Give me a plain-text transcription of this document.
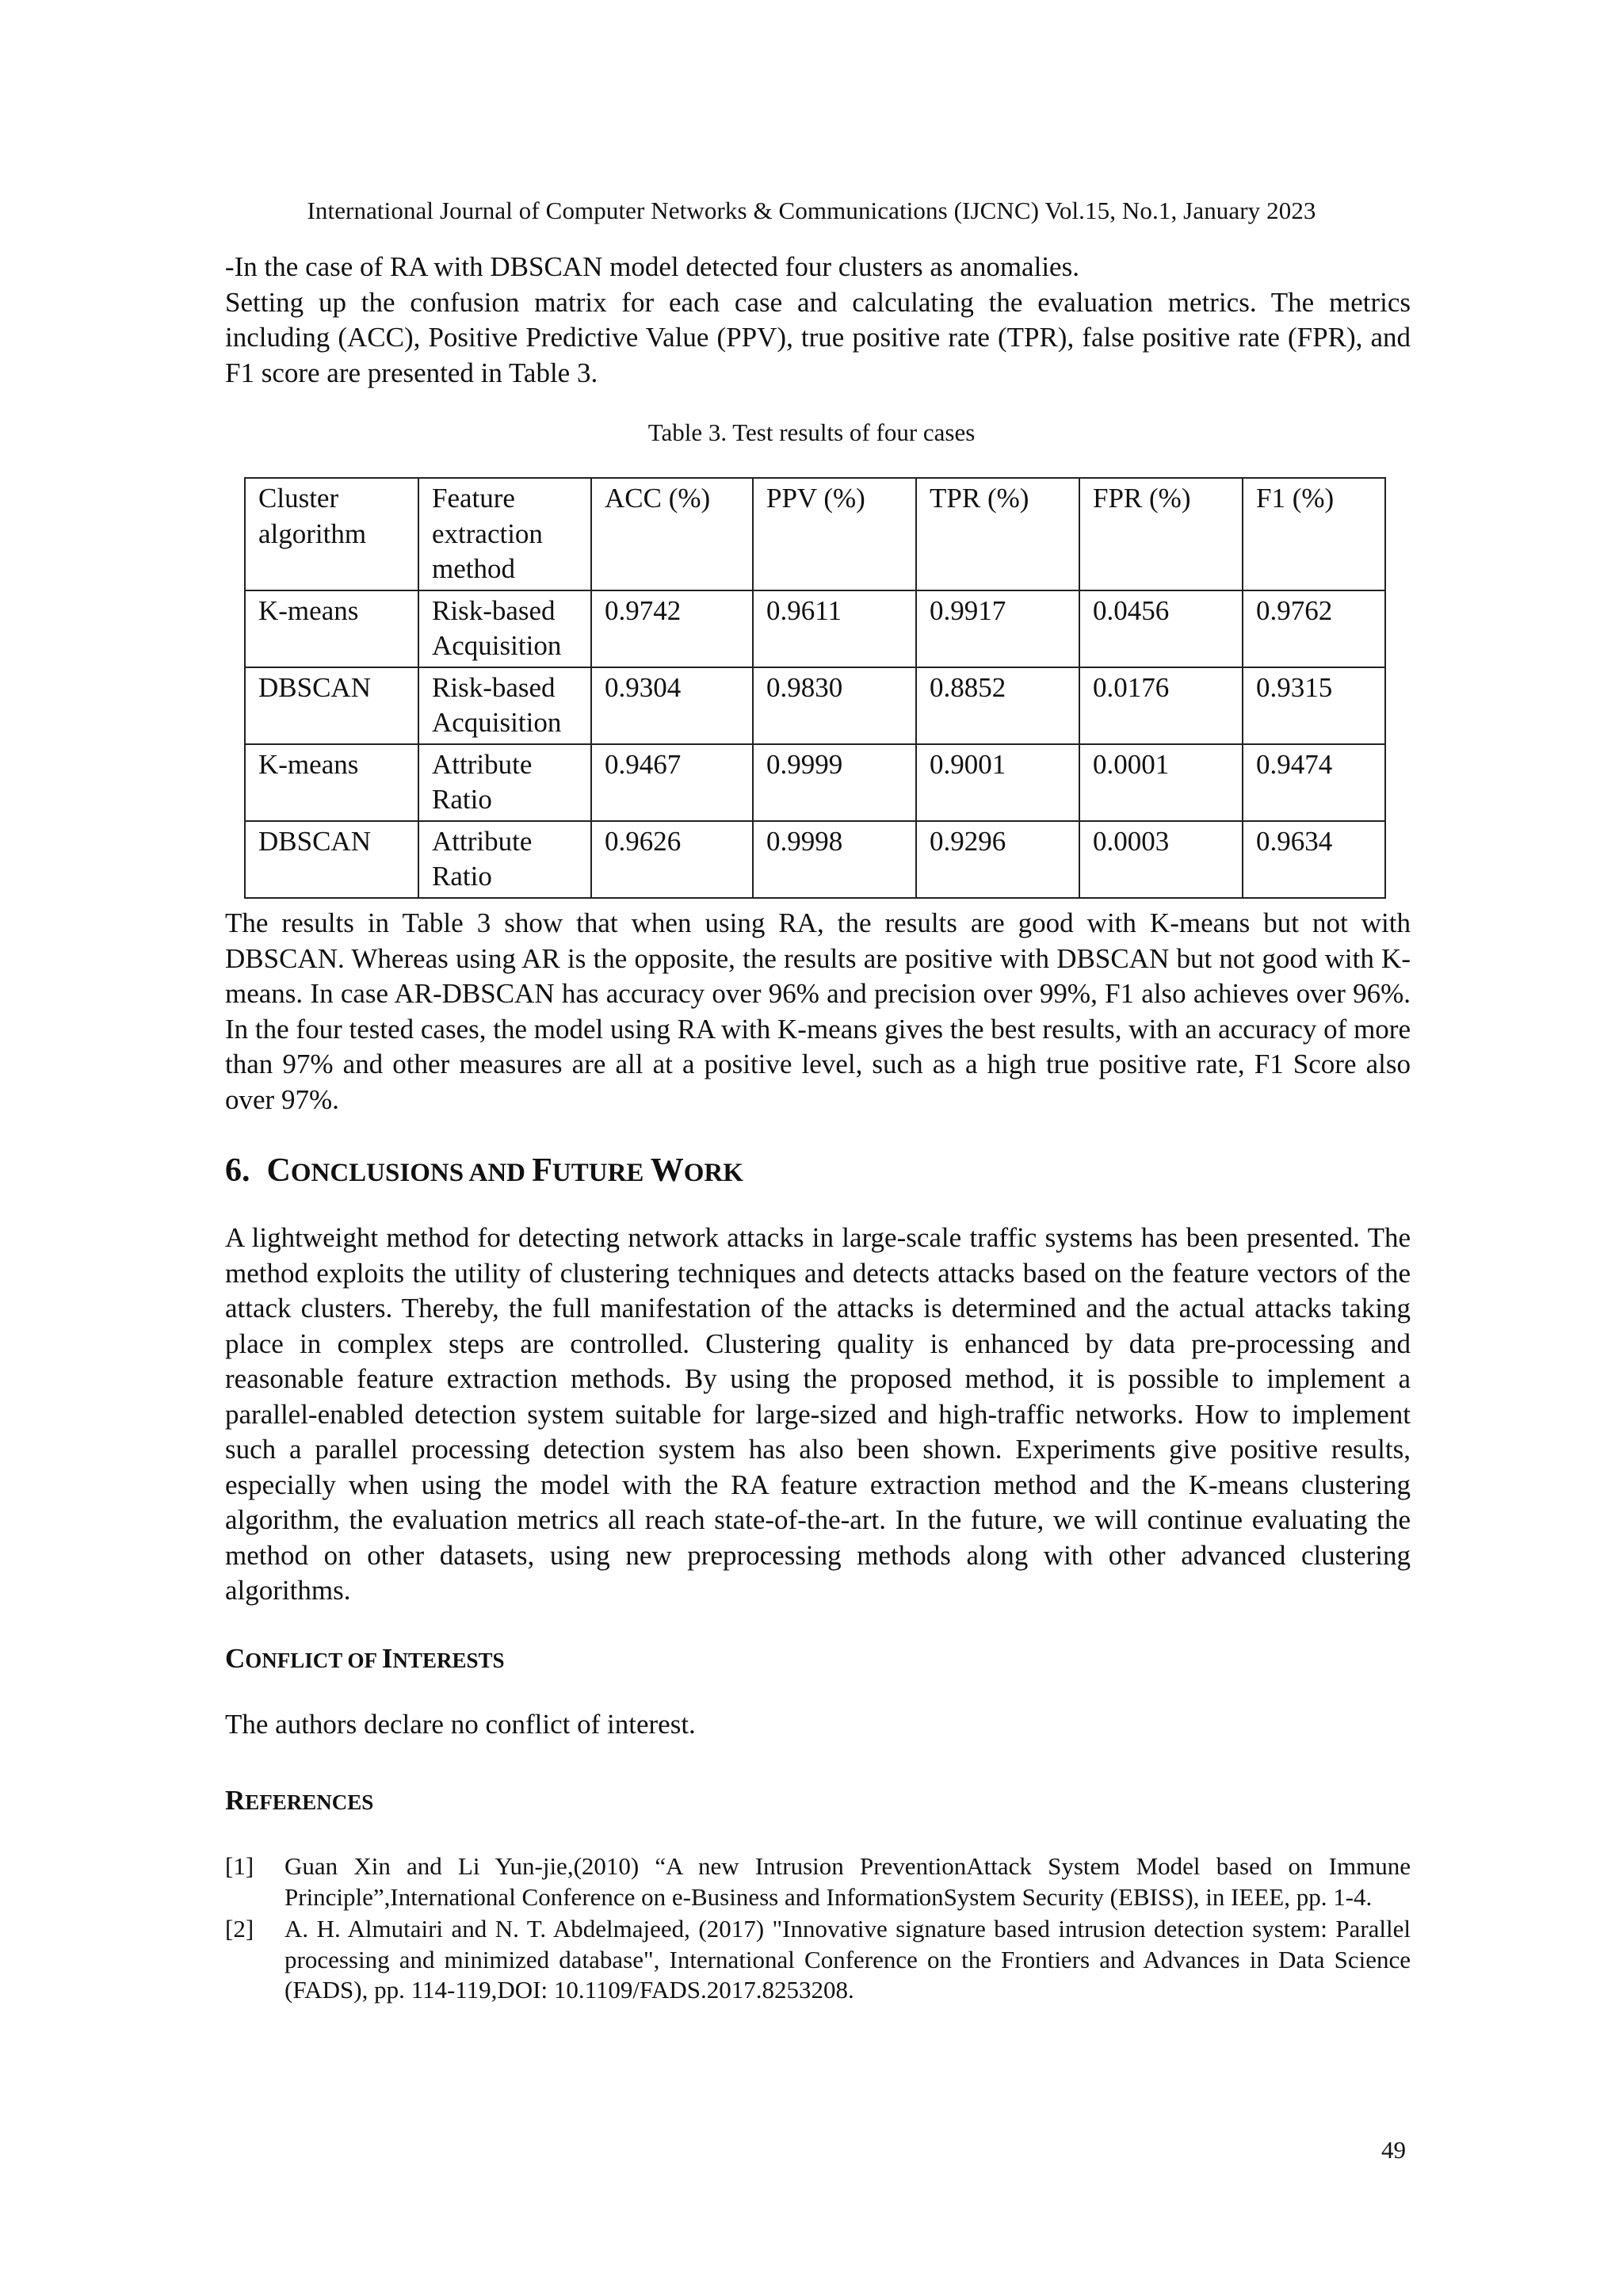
International Journal of Computer Networks & Communications (IJCNC) Vol.15, No.1, January 2023

-In the case of RA with DBSCAN model detected four clusters as anomalies.

Setting up the confusion matrix for each case and calculating the evaluation metrics. The metrics including (ACC), Positive Predictive Value (PPV), true positive rate (TPR), false positive rate (FPR), and F1 score are presented in Table 3.

Table 3. Test results of four cases
Cluster algorithm	Feature extraction method	ACC (%)	PPV (%)	TPR (%)	FPR (%)	F1 (%)
K-means	Risk-based Acquisition	0.9742	0.9611	0.9917	0.0456	0.9762
DBSCAN	Risk-based Acquisition	0.9304	0.9830	0.8852	0.0176	0.9315
K-means	Attribute Ratio	0.9467	0.9999	0.9001	0.0001	0.9474
DBSCAN	Attribute Ratio	0.9626	0.9998	0.9296	0.0003	0.9634

The results in Table 3 show that when using RA, the results are good with K-means but not with DBSCAN. Whereas using AR is the opposite, the results are positive with DBSCAN but not good with K-means. In case AR-DBSCAN has accuracy over 96% and precision over 99%, F1 also achieves over 96%. In the four tested cases, the model using RA with K-means gives the best results, with an accuracy of more than 97% and other measures are all at a positive level, such as a high true positive rate, F1 Score also over 97%.

6. CONCLUSIONS AND FUTURE WORK

A lightweight method for detecting network attacks in large-scale traffic systems has been presented. The method exploits the utility of clustering techniques and detects attacks based on the feature vectors of the attack clusters. Thereby, the full manifestation of the attacks is determined and the actual attacks taking place in complex steps are controlled. Clustering quality is enhanced by data pre-processing and reasonable feature extraction methods. By using the proposed method, it is possible to implement a parallel-enabled detection system suitable for large-sized and high-traffic networks. How to implement such a parallel processing detection system has also been shown. Experiments give positive results, especially when using the model with the RA feature extraction method and the K-means clustering algorithm, the evaluation metrics all reach state-of-the-art. In the future, we will continue evaluating the method on other datasets, using new preprocessing methods along with other advanced clustering algorithms.

CONFLICT OF INTERESTS

The authors declare no conflict of interest.

REFERENCES
[1] Guan Xin and Li Yun-jie,(2010) “A new Intrusion PreventionAttack System Model based on Immune Principle”,International Conference on e-Business and InformationSystem Security (EBISS), in IEEE, pp. 1-4.
[2] A. H. Almutairi and N. T. Abdelmajeed, (2017) "Innovative signature based intrusion detection system: Parallel processing and minimized database", International Conference on the Frontiers and Advances in Data Science (FADS), pp. 114-119,DOI: 10.1109/FADS.2017.8253208.
49
